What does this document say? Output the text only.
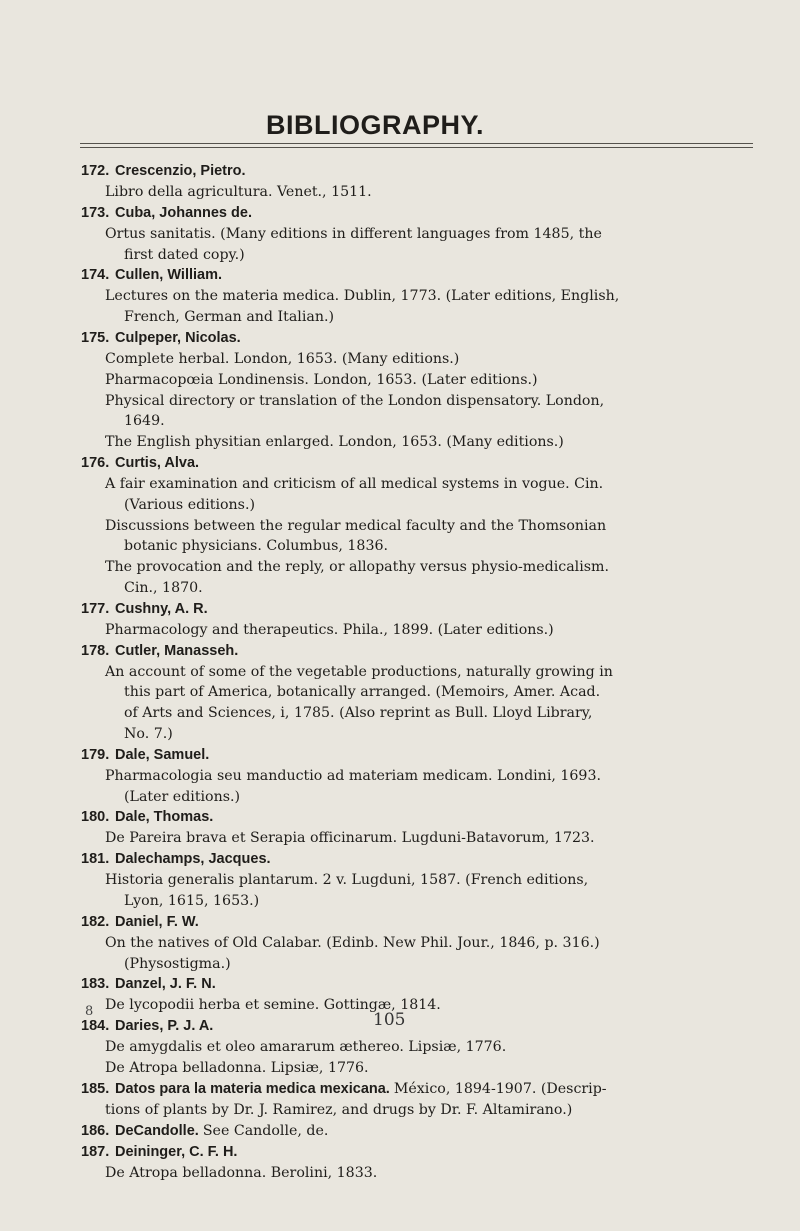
BIBLIOGRAPHY.
172. Crescenzio, Pietro.
Libro della agricultura. Venet., 1511.
173. Cuba, Johannes de.
Ortus sanitatis. (Many editions in different languages from 1485, the
first dated copy.)
174. Cullen, William.
Lectures on the materia medica. Dublin, 1773. (Later editions, English,
French, German and Italian.)
175. Culpeper, Nicolas.
Complete herbal. London, 1653. (Many editions.)
Pharmacopœia Londinensis. London, 1653. (Later editions.)
Physical directory or translation of the London dispensatory. London,
1649.
The English physitian enlarged. London, 1653. (Many editions.)
176. Curtis, Alva.
A fair examination and criticism of all medical systems in vogue. Cin.
(Various editions.)
Discussions between the regular medical faculty and the Thomsonian
botanic physicians. Columbus, 1836.
The provocation and the reply, or allopathy versus physio-medicalism.
Cin., 1870.
177. Cushny, A. R.
Pharmacology and therapeutics. Phila., 1899. (Later editions.)
178. Cutler, Manasseh.
An account of some of the vegetable productions, naturally growing in
this part of America, botanically arranged. (Memoirs, Amer. Acad.
of Arts and Sciences, i, 1785. (Also reprint as Bull. Lloyd Library,
No. 7.)
179. Dale, Samuel.
Pharmacologia seu manductio ad materiam medicam. Londini, 1693.
(Later editions.)
180. Dale, Thomas.
De Pareira brava et Serapia officinarum. Lugduni-Batavorum, 1723.
181. Dalechamps, Jacques.
Historia generalis plantarum. 2 v. Lugduni, 1587. (French editions,
Lyon, 1615, 1653.)
182. Daniel, F. W.
On the natives of Old Calabar. (Edinb. New Phil. Jour., 1846, p. 316.)
(Physostigma.)
183. Danzel, J. F. N.
De lycopodii herba et semine. Gottingæ, 1814.
184. Daries, P. J. A.
De amygdalis et oleo amararum æthereo. Lipsiæ, 1776.
De Atropa belladonna. Lipsiæ, 1776.
185. Datos para la materia medica mexicana. México, 1894-1907. (Descrip-
tions of plants by Dr. J. Ramirez, and drugs by Dr. F. Altamirano.)
186. DeCandolle. See Candolle, de.
187. Deininger, C. F. H.
De Atropa belladonna. Berolini, 1833.
8	105
